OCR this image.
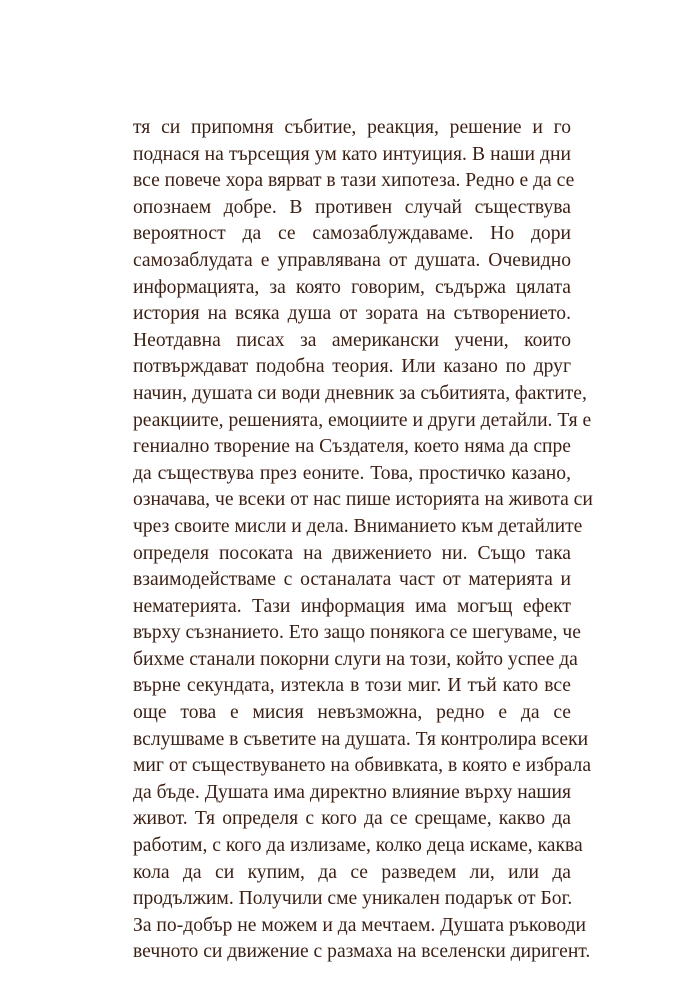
тя си припомня събитие, реакция, решение и го
поднася на търсещия ум като интуиция. В наши дни
все повече хора вярват в тази хипотеза. Редно е да се
опознаем добре. В противен случай съществува
вероятност да се самозаблуждаваме. Но дори
самозаблудата е управлявана от душата. Очевидно
информацията, за която говорим, съдържа цялата
история на всяка душа от зората на сътворението.
Неотдавна писах за американски учени, които
потвърждават подобна теория. Или казано по друг
начин, душата си води дневник за събитията, фактите,
реакциите, решенията, емоциите и други детайли. Тя е
гениално творение на Създателя, което няма да спре
да съществува през еоните. Това, простичко казано,
означава, че всеки от нас пише историята на живота си
чрез своите мисли и дела. Вниманието към детайлите
определя посоката на движението ни. Също така
взаимодействаме с останалата част от материята и
нематерията. Тази информация има могъщ ефект
върху съзнанието. Ето защо понякога се шегуваме, че
бихме станали покорни слуги на този, който успее да
върне секундата, изтекла в този миг. И тъй като все
още това е мисия невъзможна, редно е да се
вслушваме в съветите на душата. Тя контролира всеки
миг от съществуването на обвивката, в която е избрала
да бъде. Душата има директно влияние върху нашия
живот. Тя определя с кого да се срещаме, какво да
работим, с кого да излизаме, колко деца искаме, каква
кола да си купим, да се разведем ли, или да
продължим. Получили сме уникален подарък от Бог.
За по-добър не можем и да мечтаем. Душата ръководи
вечното си движение с размаха на вселенски диригент.
